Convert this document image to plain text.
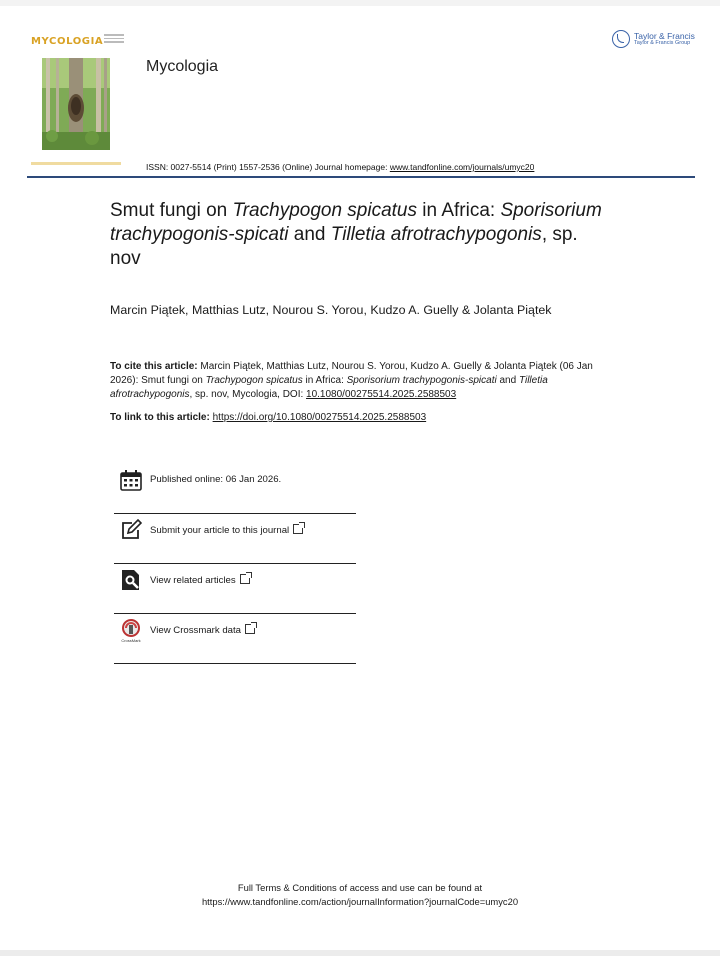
MYCOLOGIA
Mycologia
Taylor & Francis
Taylor & Francis Group
ISSN: 0027-5514 (Print) 1557-2536 (Online) Journal homepage: www.tandfonline.com/journals/umyc20
Smut fungi on Trachypogon spicatus in Africa: Sporisorium trachypogonis-spicati and Tilletia afrotrachypogonis, sp. nov
Marcin Piątek, Matthias Lutz, Nourou S. Yorou, Kudzo A. Guelly & Jolanta Piątek
To cite this article: Marcin Piątek, Matthias Lutz, Nourou S. Yorou, Kudzo A. Guelly & Jolanta Piątek (06 Jan 2026): Smut fungi on Trachypogon spicatus in Africa: Sporisorium trachypogonis-spicati and Tilletia afrotrachypogonis, sp. nov, Mycologia, DOI: 10.1080/00275514.2025.2588503
To link to this article: https://doi.org/10.1080/00275514.2025.2588503
Published online: 06 Jan 2026.
Submit your article to this journal
View related articles
CrossMark
View Crossmark data
Full Terms & Conditions of access and use can be found at
https://www.tandfonline.com/action/journalInformation?journalCode=umyc20
